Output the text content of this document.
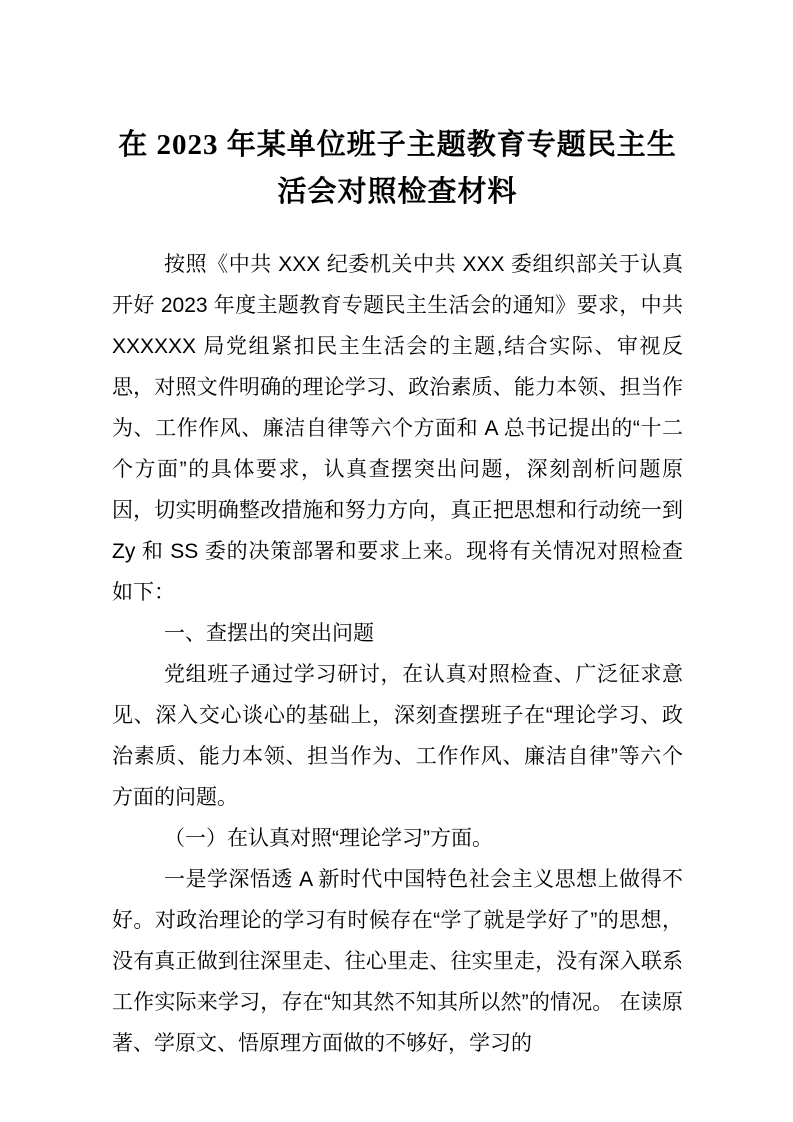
在 2023 年某单位班子主题教育专题民主生活会对照检查材料

按照《中共 XXX 纪委机关中共 XXX 委组织部关于认真开好 2023 年度主题教育专题民主生活会的通知》要求，中共 XXXXXX 局党组紧扣民主生活会的主题,结合实际、审视反思，对照文件明确的理论学习、政治素质、能力本领、担当作为、工作作风、廉洁自律等六个方面和 A 总书记提出的“十二个方面”的具体要求，认真查摆突出问题，深刻剖析问题原因，切实明确整改措施和努力方向，真正把思想和行动统一到 Zy 和 SS 委的决策部署和要求上来。现将有关情况对照检查如下：

一、查摆出的突出问题

党组班子通过学习研讨，在认真对照检查、广泛征求意见、深入交心谈心的基础上，深刻查摆班子在“理论学习、政治素质、能力本领、担当作为、工作作风、廉洁自律”等六个方面的问题。

（一）在认真对照“理论学习”方面。

一是学深悟透 A 新时代中国特色社会主义思想上做得不好。对政治理论的学习有时候存在“学了就是学好了”的思想，没有真正做到往深里走、往心里走、往实里走，没有深入联系工作实际来学习，存在“知其然不知其所以然”的情况。 在读原著、学原文、悟原理方面做的不够好，学习的
